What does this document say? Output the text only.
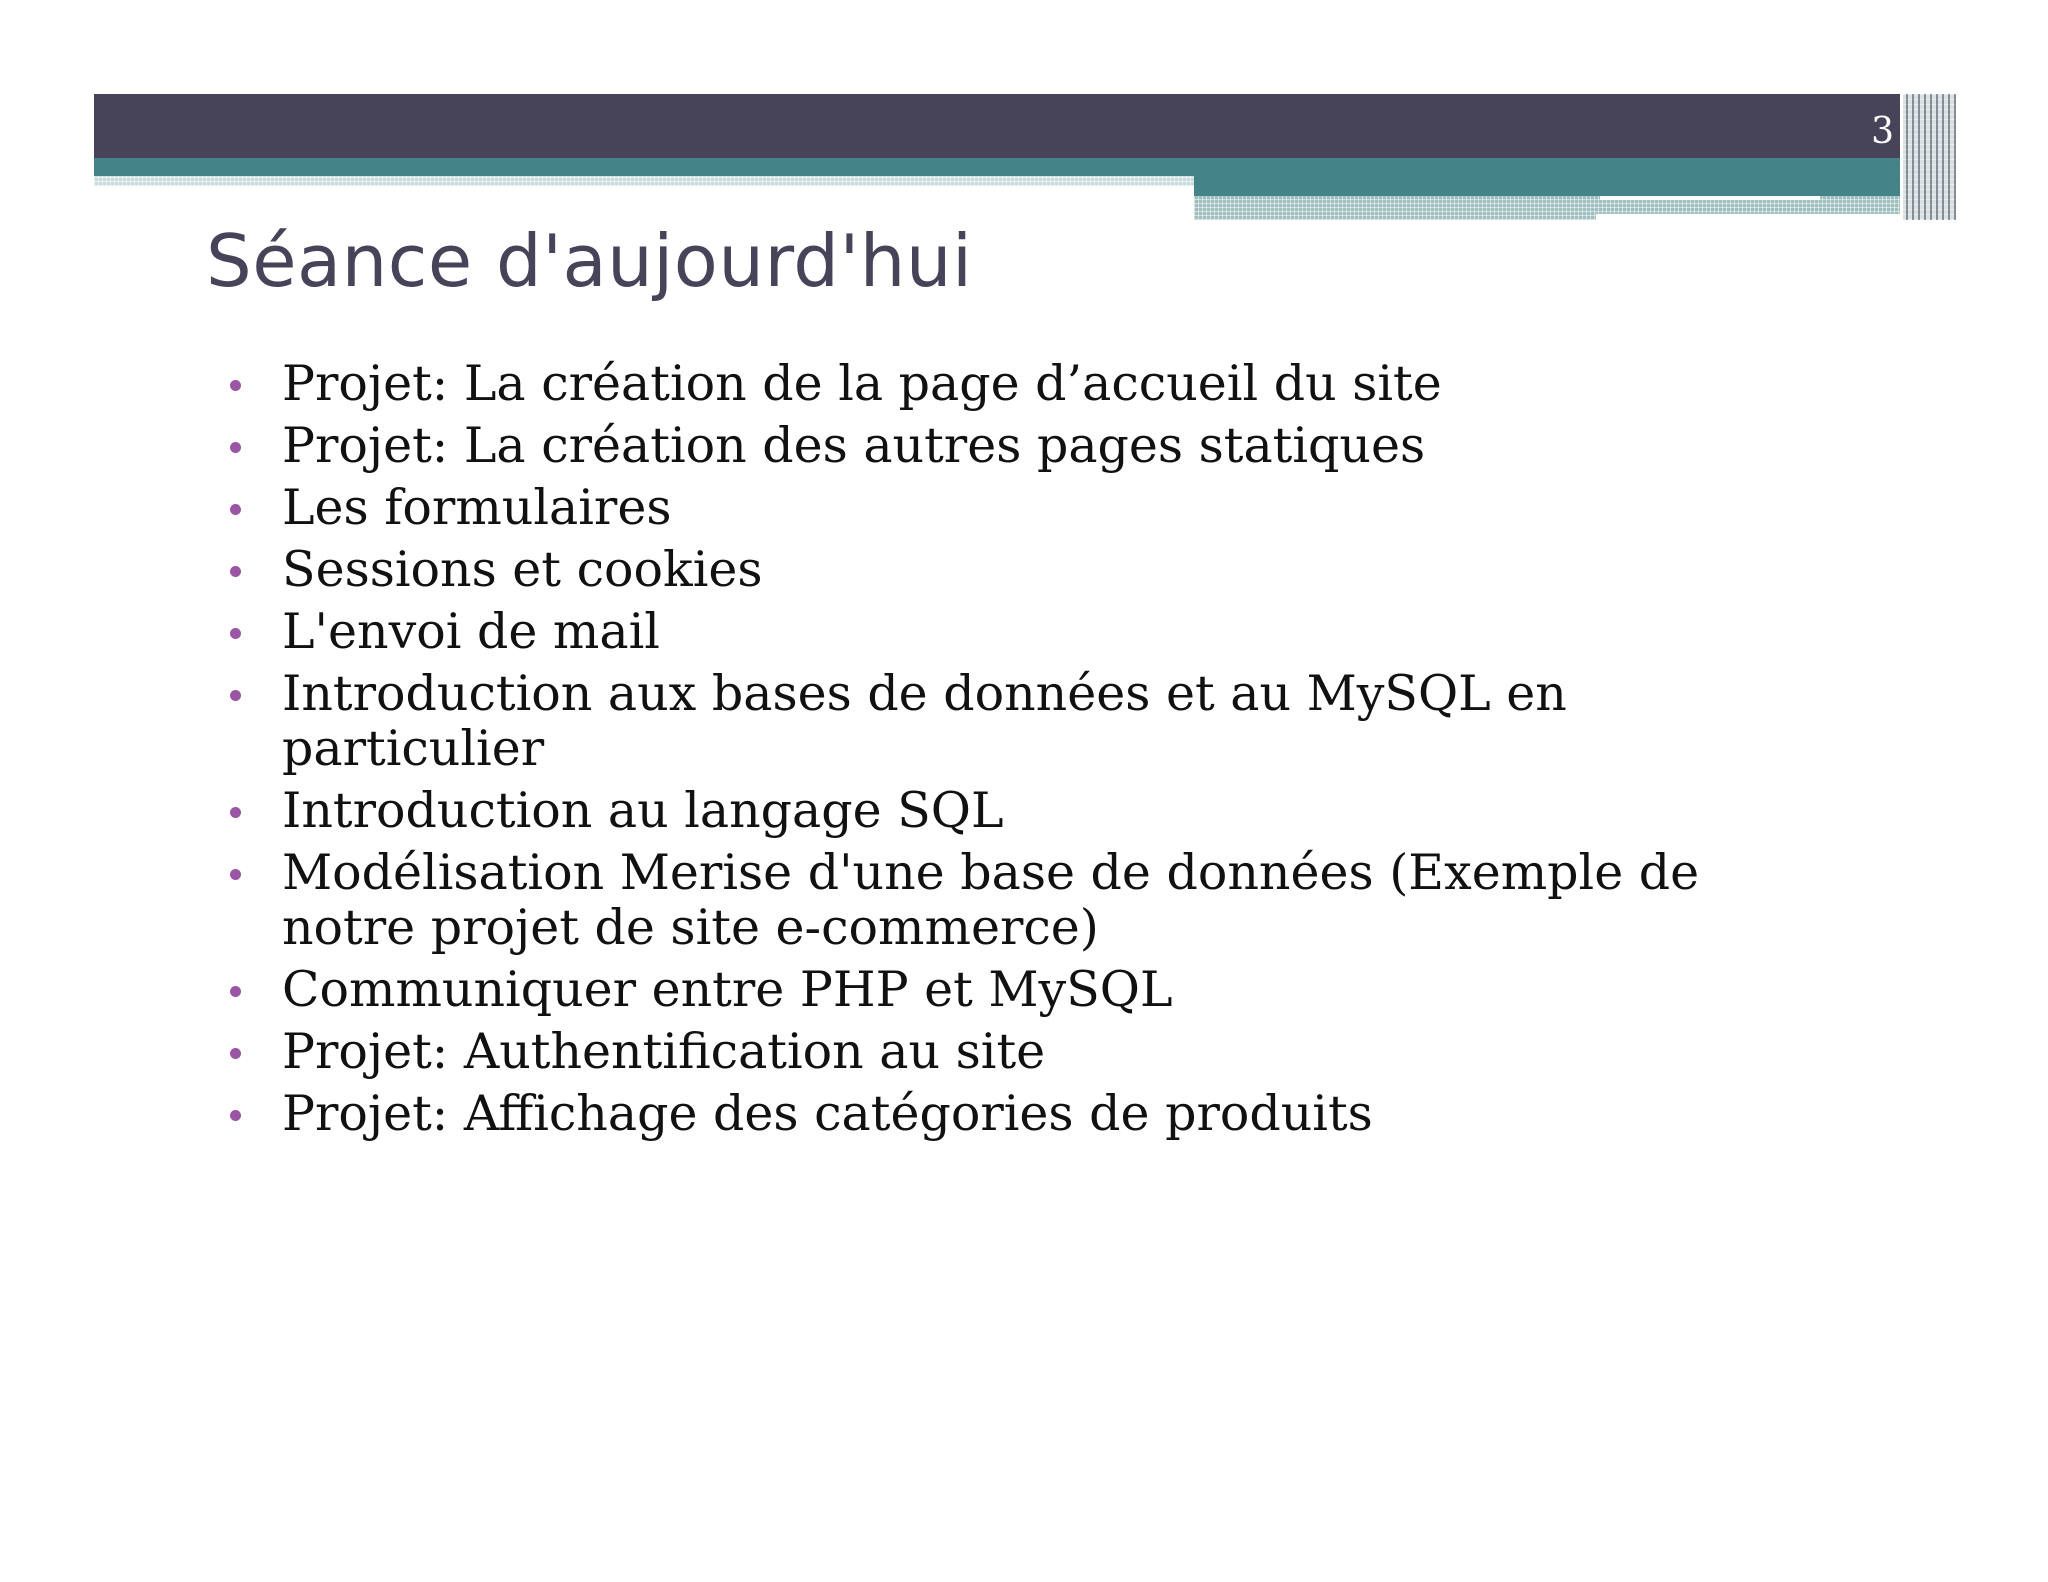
3
Séance d'aujourd'hui
Projet: La création de la page d’accueil du site
Projet: La création des autres pages statiques
Les formulaires
Sessions et cookies
L'envoi de mail
Introduction aux bases de données et au MySQL en particulier
Introduction au langage SQL
Modélisation Merise d'une base de données (Exemple de notre projet de site e-commerce)
Communiquer entre PHP et MySQL
Projet: Authentification au site
Projet: Affichage des catégories de produits
